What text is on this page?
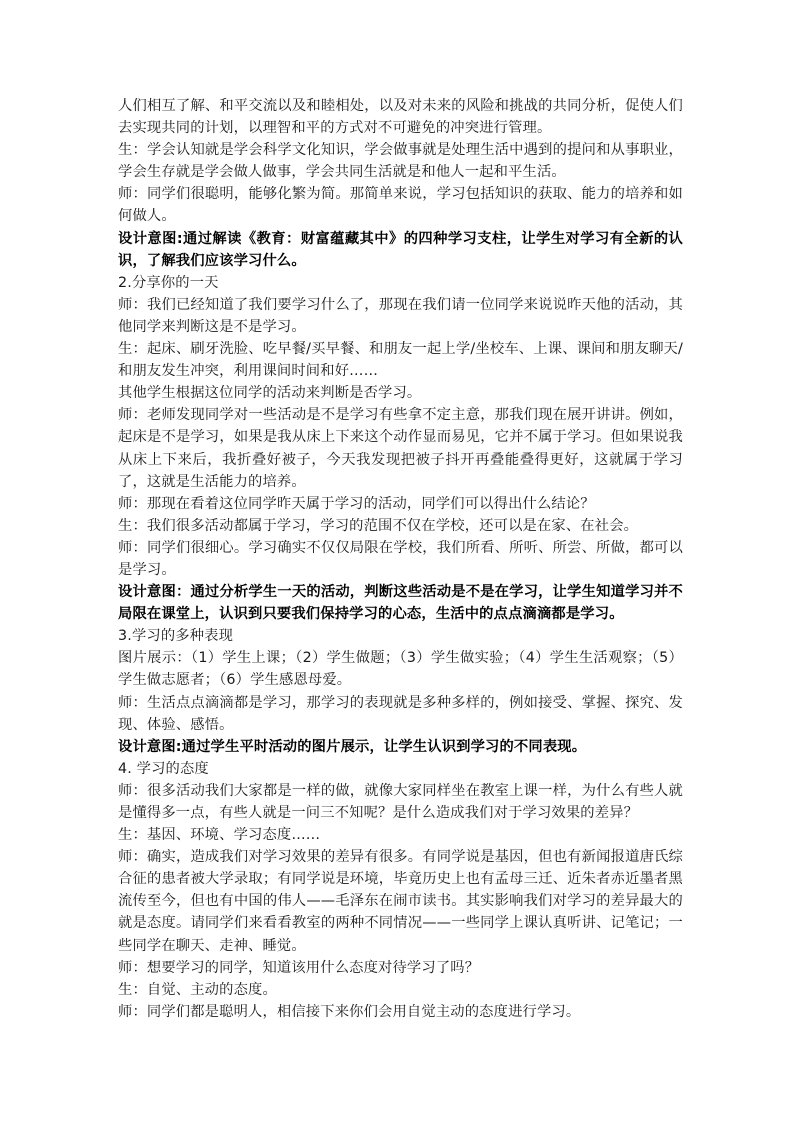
人们相互了解、和平交流以及和睦相处，以及对未来的风险和挑战的共同分析，促使人们去实现共同的计划，以理智和平的方式对不可避免的冲突进行管理。

生：学会认知就是学会科学文化知识，学会做事就是处理生活中遇到的提问和从事职业，学会生存就是学会做人做事，学会共同生活就是和他人一起和平生活。

师：同学们很聪明，能够化繁为简。那简单来说，学习包括知识的获取、能力的培养和如何做人。

设计意图:通过解读《教育：财富蕴藏其中》的四种学习支柱，让学生对学习有全新的认识，了解我们应该学习什么。

2.分享你的一天

师：我们已经知道了我们要学习什么了，那现在我们请一位同学来说说昨天他的活动，其他同学来判断这是不是学习。

生：起床、刷牙洗脸、吃早餐/买早餐、和朋友一起上学/坐校车、上课、课间和朋友聊天/和朋友发生冲突，利用课间时间和好……

其他学生根据这位同学的活动来判断是否学习。

师：老师发现同学对一些活动是不是学习有些拿不定主意，那我们现在展开讲讲。例如，起床是不是学习，如果是我从床上下来这个动作显而易见，它并不属于学习。但如果说我从床上下来后，我折叠好被子，今天我发现把被子抖开再叠能叠得更好，这就属于学习了，这就是生活能力的培养。

师：那现在看着这位同学昨天属于学习的活动，同学们可以得出什么结论？

生：我们很多活动都属于学习，学习的范围不仅在学校，还可以是在家、在社会。

师：同学们很细心。学习确实不仅仅局限在学校，我们所看、所听、所尝、所做，都可以是学习。

设计意图：通过分析学生一天的活动，判断这些活动是不是在学习，让学生知道学习并不局限在课堂上，认识到只要我们保持学习的心态，生活中的点点滴滴都是学习。

3.学习的多种表现

图片展示：（1）学生上课；（2）学生做题；（3）学生做实验；（4）学生生活观察；（5）学生做志愿者；（6）学生感恩母爱。

师：生活点点滴滴都是学习，那学习的表现就是多种多样的，例如接受、掌握、探究、发现、体验、感悟。

设计意图:通过学生平时活动的图片展示，让学生认识到学习的不同表现。

4. 学习的态度

师：很多活动我们大家都是一样的做，就像大家同样坐在教室上课一样，为什么有些人就是懂得多一点，有些人就是一问三不知呢？是什么造成我们对于学习效果的差异？

生：基因、环境、学习态度……

师：确实，造成我们对学习效果的差异有很多。有同学说是基因，但也有新闻报道唐氏综合征的患者被大学录取；有同学说是环境，毕竟历史上也有孟母三迁、近朱者赤近墨者黑流传至今，但也有中国的伟人——毛泽东在闹市读书。其实影响我们对学习的差异最大的就是态度。请同学们来看看教室的两种不同情况——一些同学上课认真听讲、记笔记；一些同学在聊天、走神、睡觉。

师：想要学习的同学，知道该用什么态度对待学习了吗？

生：自觉、主动的态度。

师：同学们都是聪明人，相信接下来你们会用自觉主动的态度进行学习。
